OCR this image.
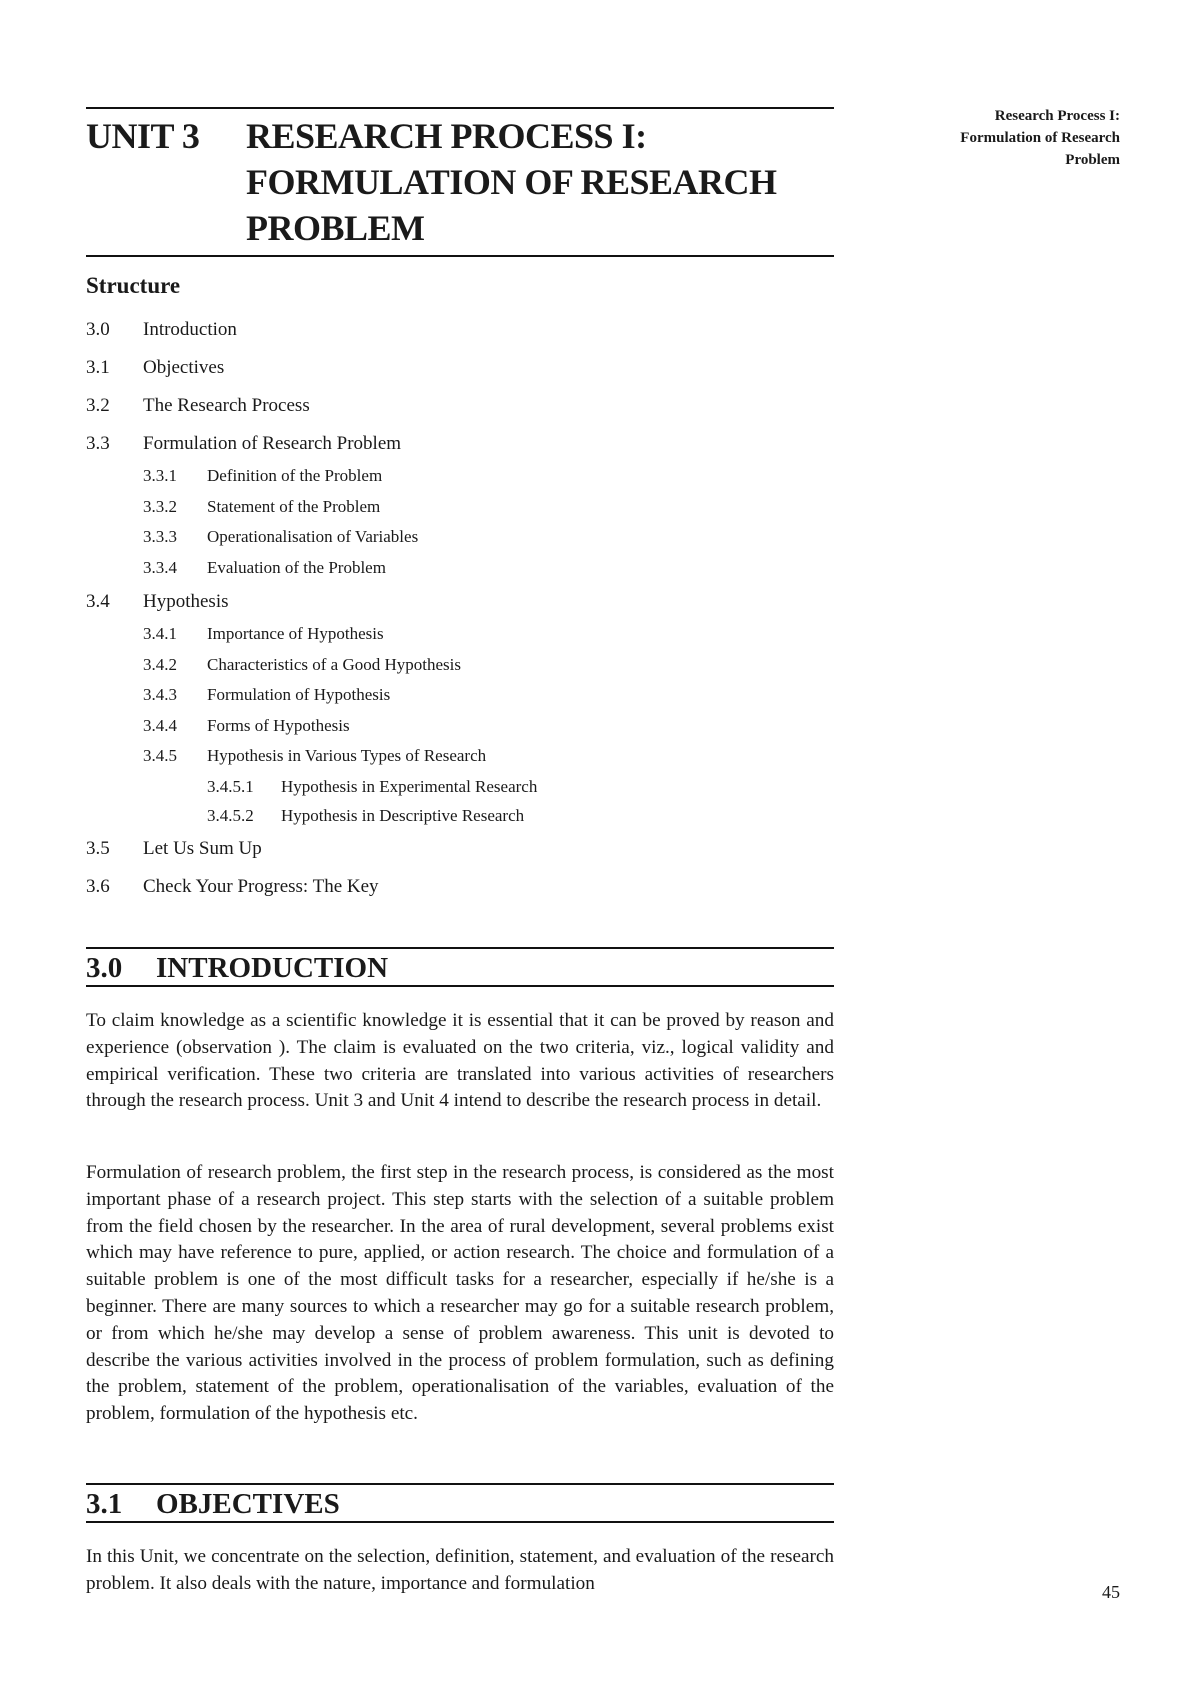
Research Process I:
Formulation of Research
Problem
UNIT 3 RESEARCH PROCESS I:
FORMULATION OF RESEARCH
PROBLEM
Structure
3.0 Introduction
3.1 Objectives
3.2 The Research Process
3.3 Formulation of Research Problem
3.3.1 Definition of the Problem
3.3.2 Statement of the Problem
3.3.3 Operationalisation of Variables
3.3.4 Evaluation of the Problem
3.4 Hypothesis
3.4.1 Importance of Hypothesis
3.4.2 Characteristics of a Good Hypothesis
3.4.3 Formulation of Hypothesis
3.4.4 Forms of Hypothesis
3.4.5 Hypothesis in Various Types of Research
3.4.5.1 Hypothesis in Experimental Research
3.4.5.2 Hypothesis in Descriptive Research
3.5 Let Us Sum Up
3.6 Check Your Progress: The Key
3.0 INTRODUCTION

To claim knowledge as a scientific knowledge it is essential that it can be proved by reason and experience (observation ). The claim is evaluated on the two criteria, viz., logical validity and empirical verification. These two criteria are translated into various activities of researchers through the research process. Unit 3 and Unit 4 intend to describe the research process in detail.

Formulation of research problem, the first step in the research process, is considered as the most important phase of a research project. This step starts with the selection of a suitable problem from the field chosen by the researcher. In the area of rural development, several problems exist which may have reference to pure, applied, or action research. The choice and formulation of a suitable problem is one of the most difficult tasks for a researcher, especially if he/she is a beginner. There are many sources to which a researcher may go for a suitable research problem, or from which he/she may develop a sense of problem awareness. This unit is devoted to describe the various activities involved in the process of problem formulation, such as defining the problem, statement of the problem, operationalisation of the variables, evaluation of the problem, formulation of the hypothesis etc.

3.1 OBJECTIVES

In this Unit, we concentrate on the selection, definition, statement, and evaluation of the research problem. It also deals with the nature, importance and formulation	45
